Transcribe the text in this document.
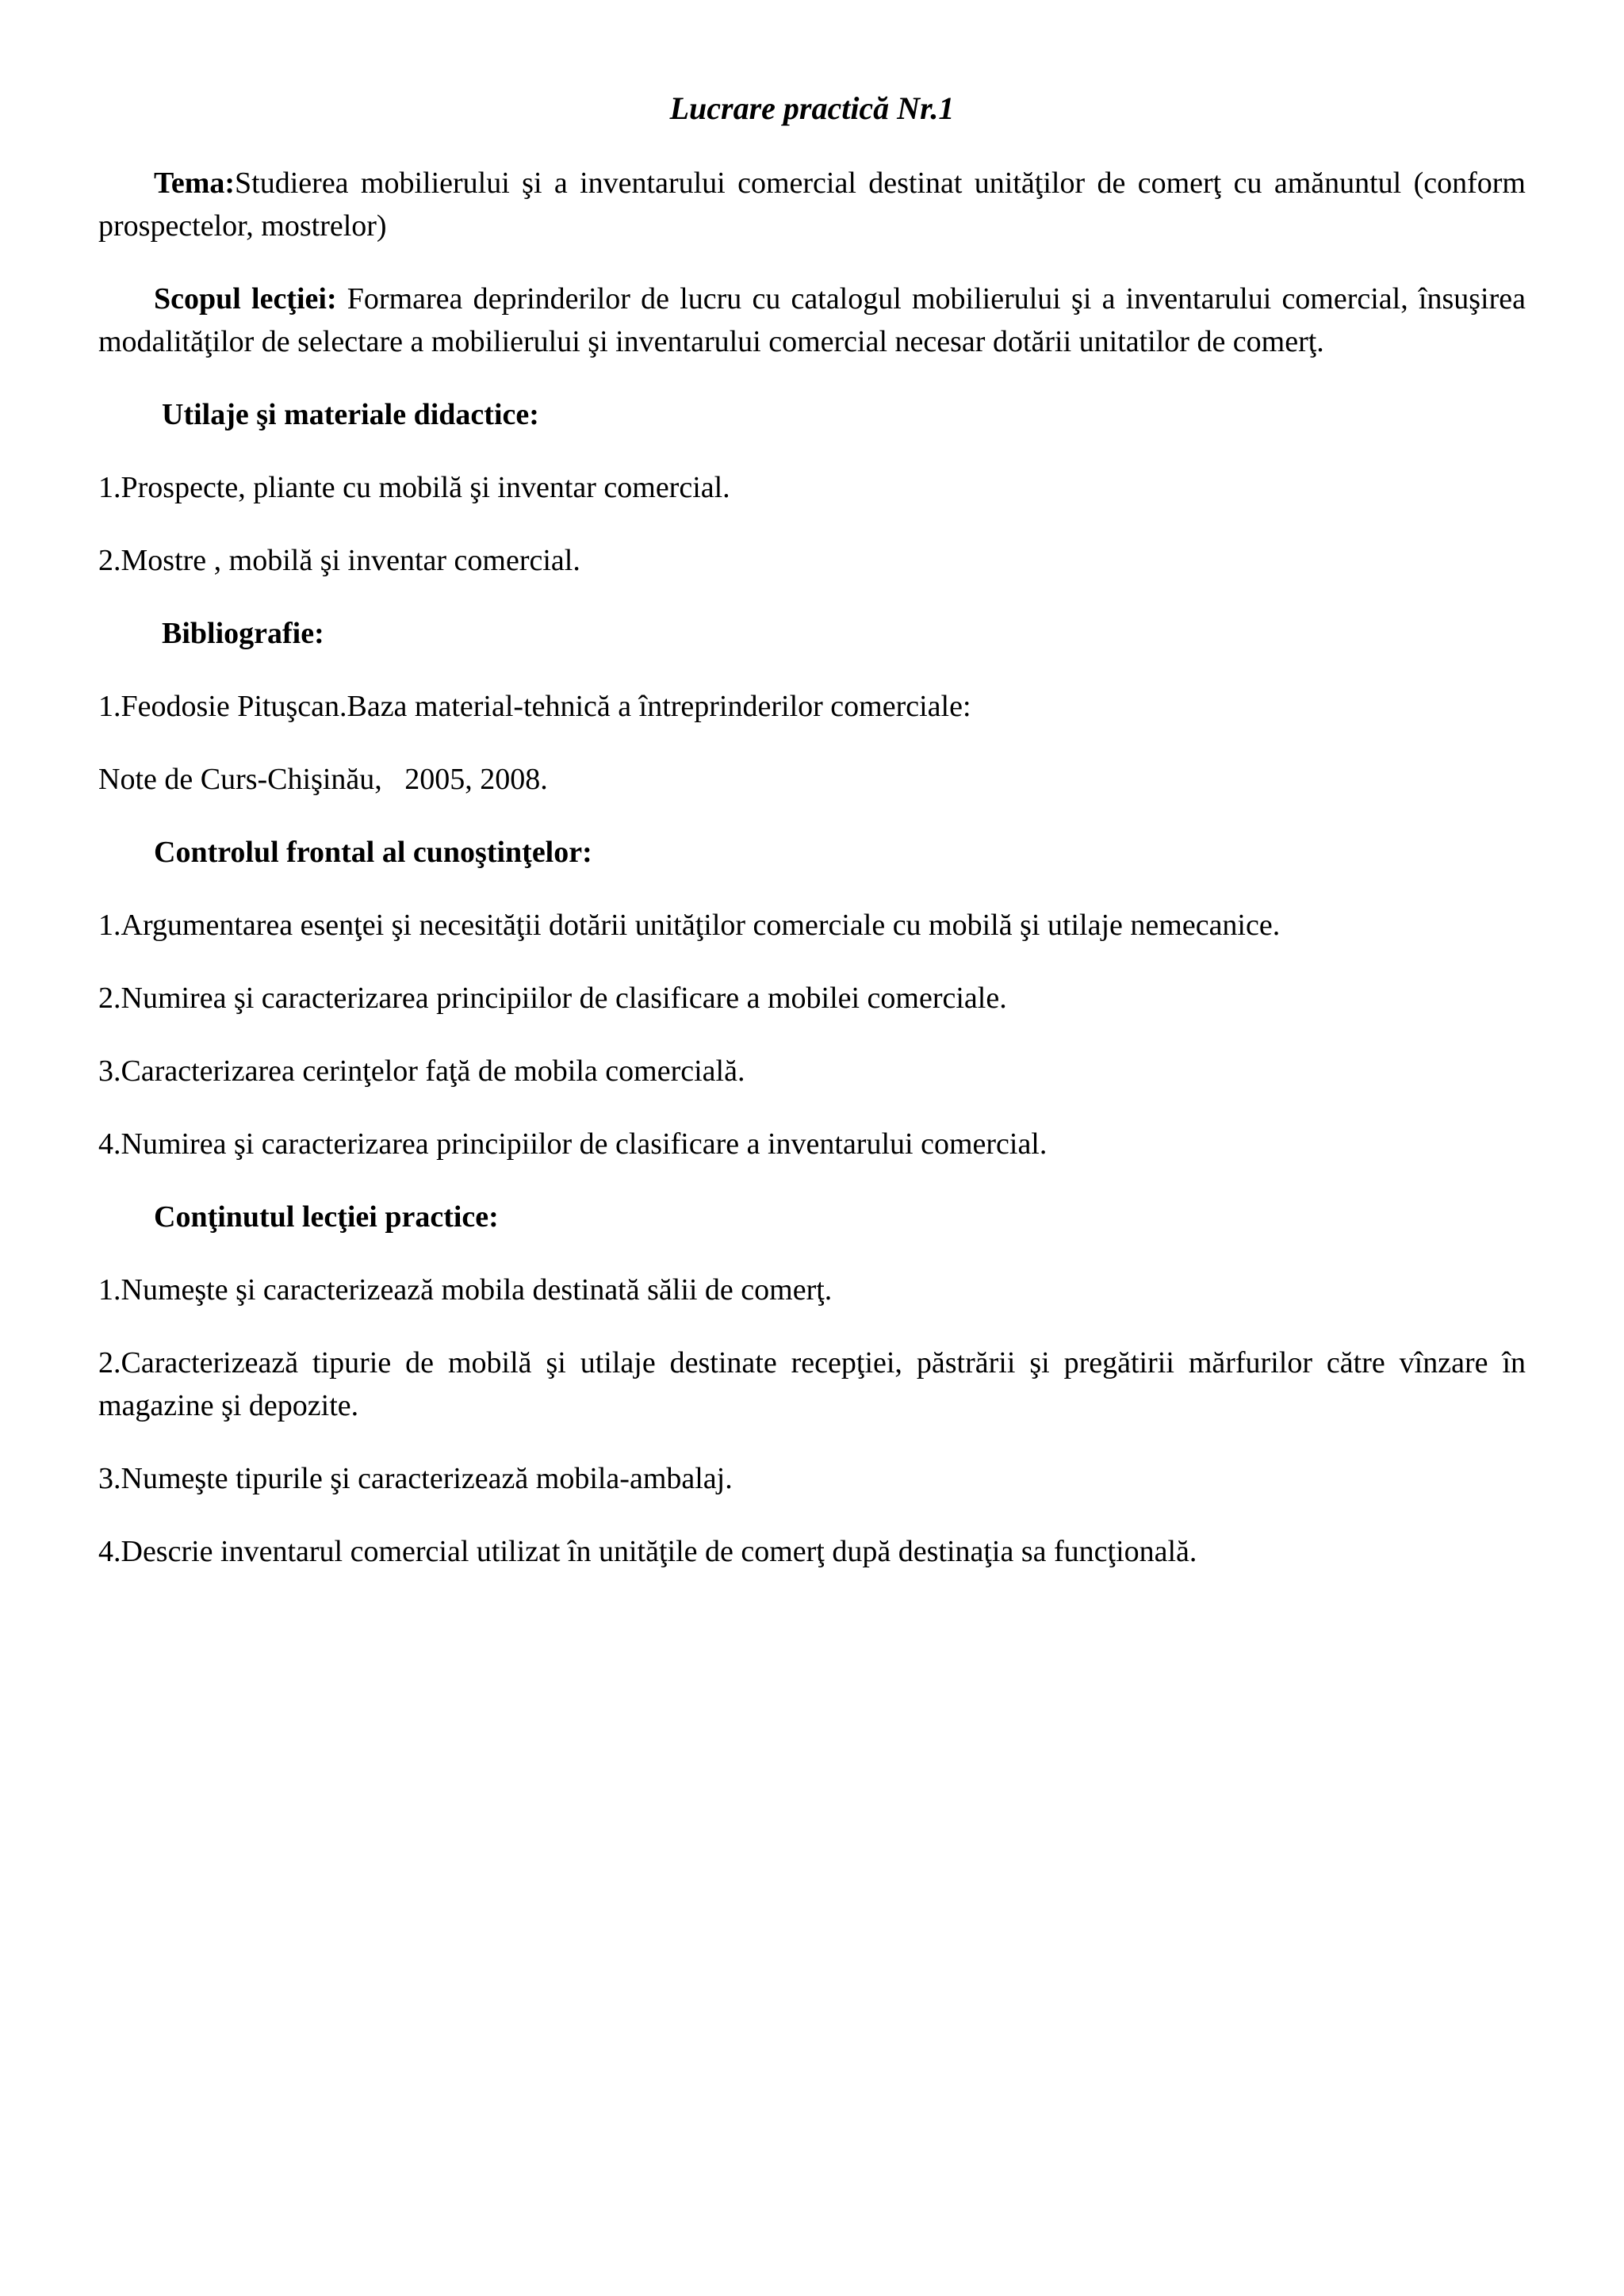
Lucrare practică Nr.1

Tema:Studierea mobilierului şi a inventarului comercial destinat unităţilor de comerţ cu amănuntul (conform prospectelor, mostrelor)

Scopul lecţiei: Formarea deprinderilor de lucru cu catalogul mobilierului şi a inventarului comercial, însuşirea modalităţilor de selectare a mobilierului şi inventarului comercial necesar dotării unitatilor de comerţ.

Utilaje şi materiale didactice:

1.Prospecte, pliante cu mobilă şi inventar comercial.

2.Mostre , mobilă şi inventar comercial.

Bibliografie:

1.Feodosie Pituşcan.Baza material-tehnică a întreprinderilor comerciale:

Note de Curs-Chişinău,   2005, 2008.

Controlul frontal al cunoştinţelor:

1.Argumentarea esenţei şi necesităţii dotării unităţilor comerciale cu mobilă şi utilaje nemecanice.

2.Numirea şi caracterizarea principiilor de clasificare a mobilei comerciale.

3.Caracterizarea cerinţelor faţă de mobila comercială.

4.Numirea şi caracterizarea principiilor de clasificare a inventarului comercial.

Conţinutul lecţiei practice:

1.Numeşte şi caracterizează mobila destinată sălii de comerţ.

2.Caracterizează tipurie de mobilă şi utilaje destinate recepţiei, păstrării şi pregătirii mărfurilor către vînzare în magazine şi depozite.

3.Numeşte tipurile şi caracterizează mobila-ambalaj.

4.Descrie inventarul comercial utilizat în unităţile de comerţ după destinaţia sa funcţională.
